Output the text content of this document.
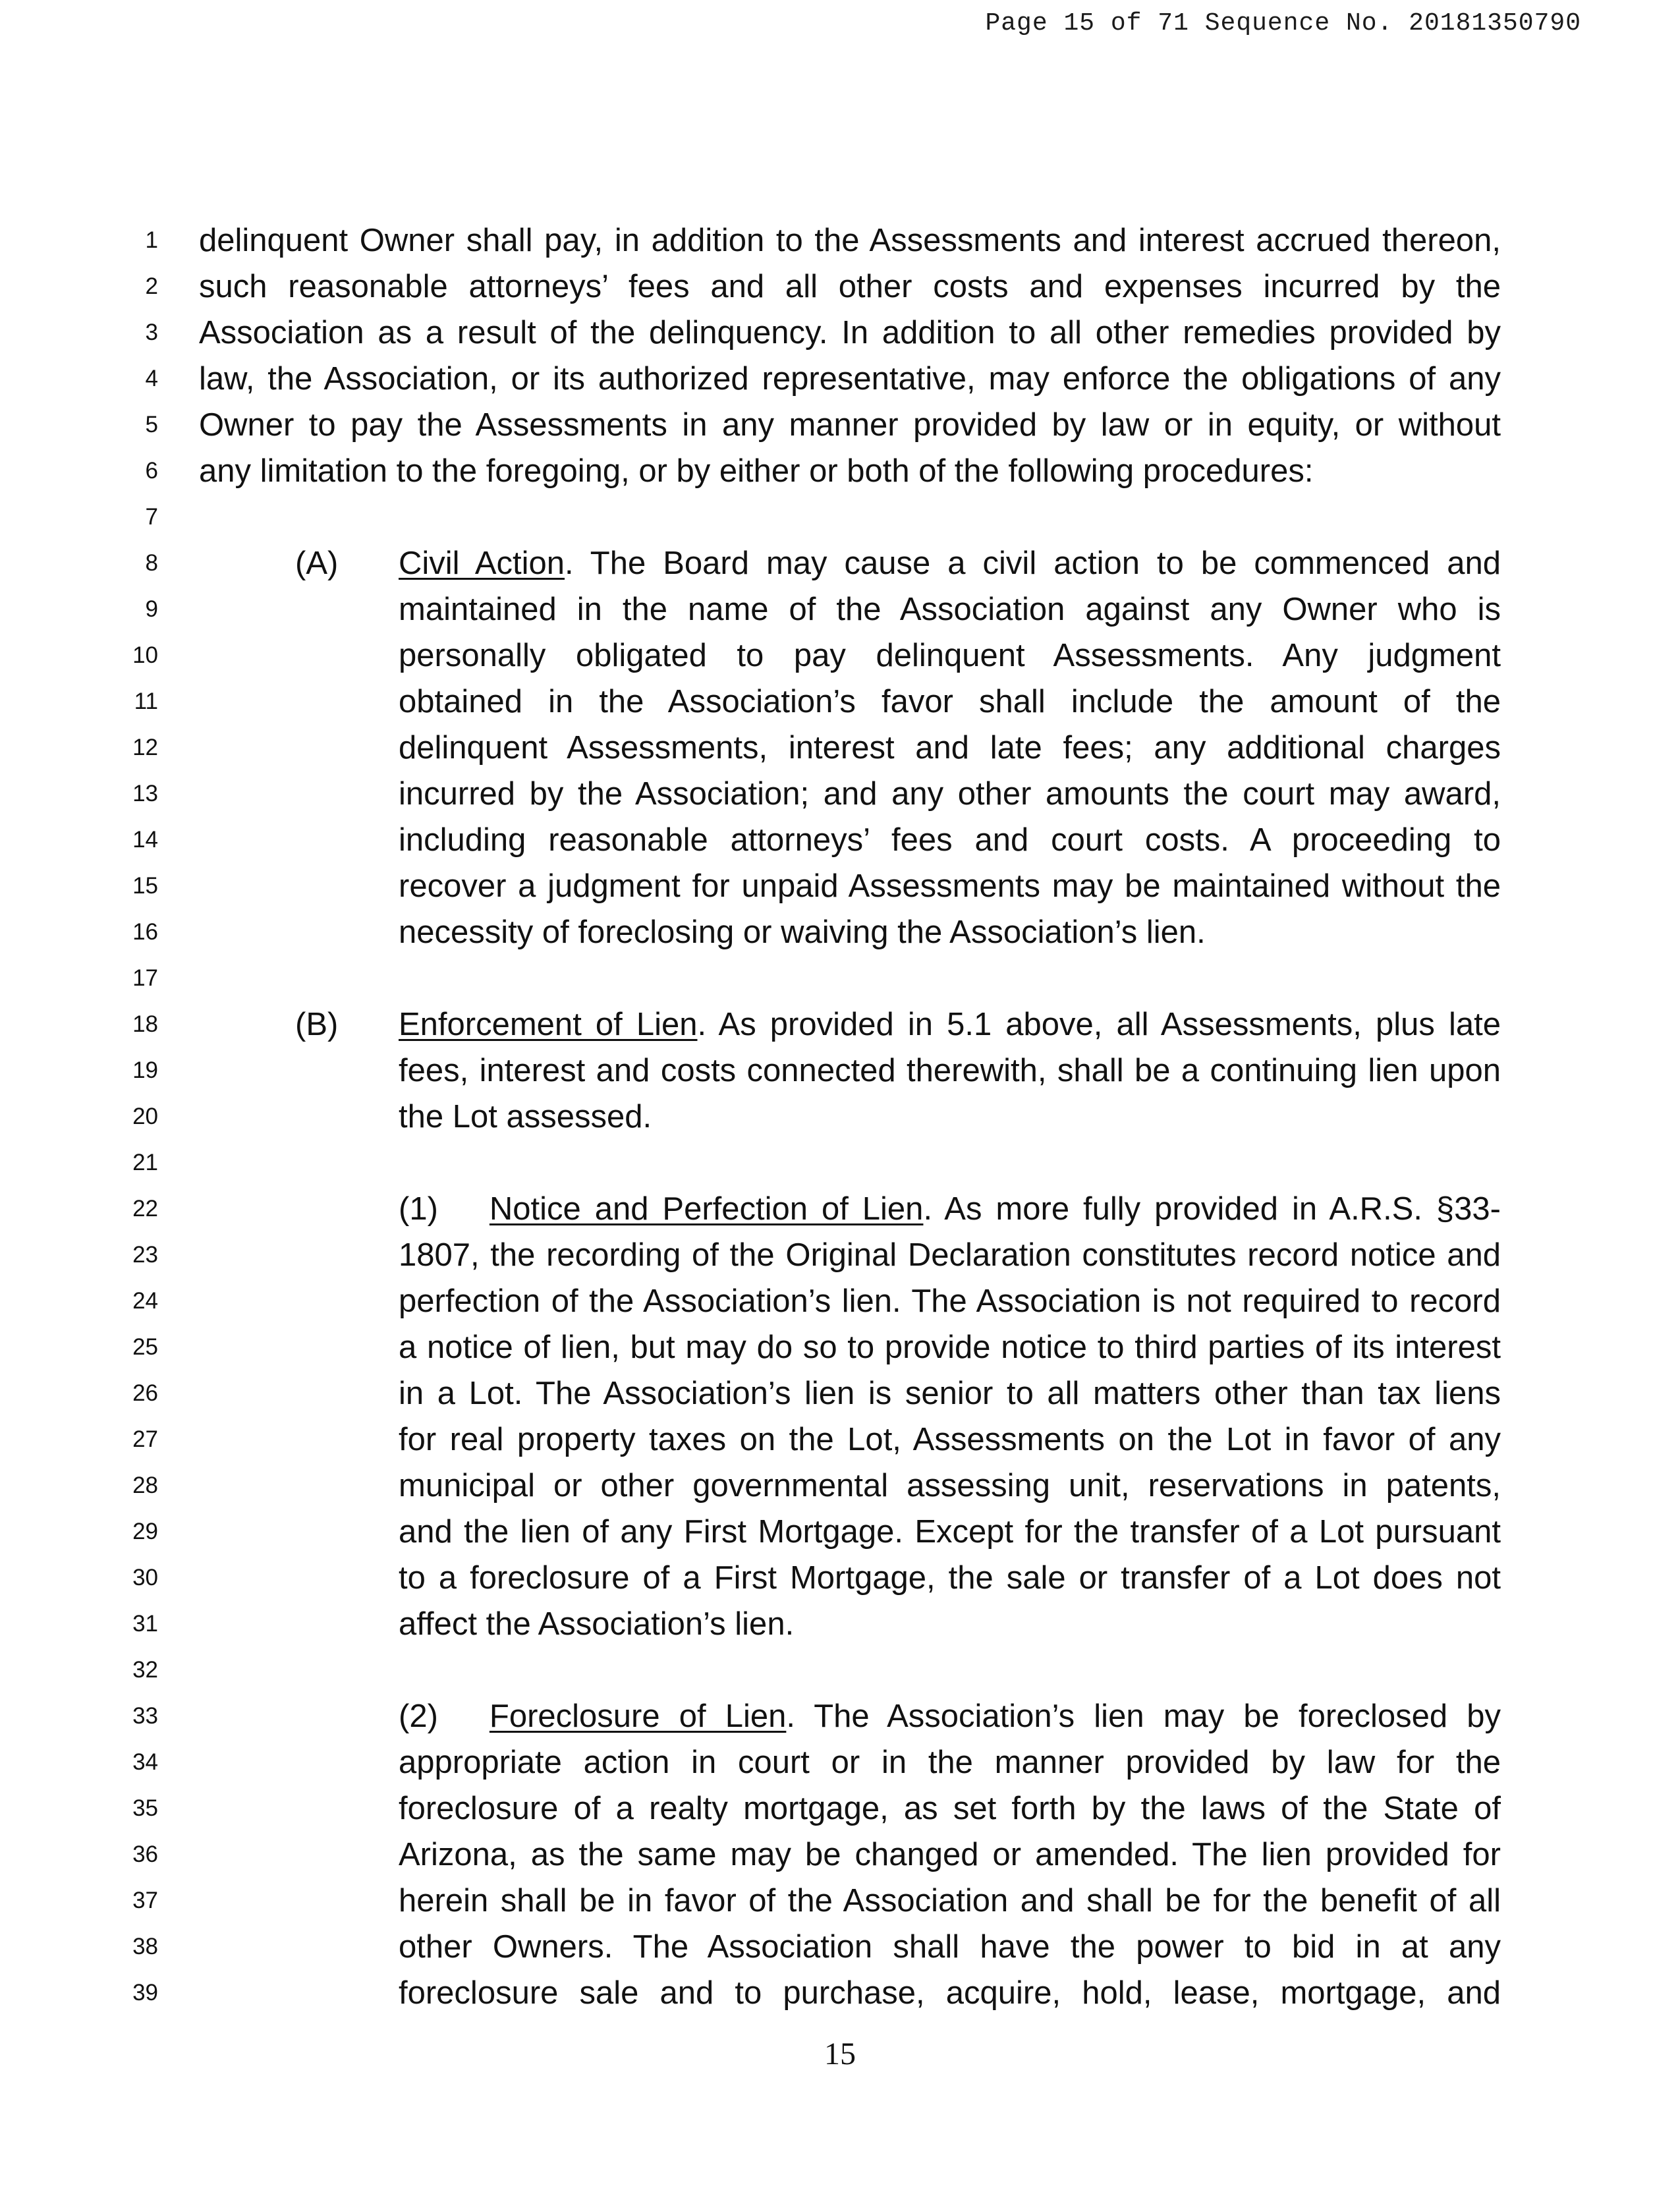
Page 15 of 71 Sequence No. 20181350790
1
2
3
4
5
6
7
8
9
10
11
12
13
14
15
16
17
18
19
20
21
22
23
24
25
26
27
28
29
30
31
32
33
34
35
36
37
38
39
delinquent Owner shall pay, in addition to the Assessments and interest accrued thereon,
such reasonable attorneys’ fees and all other costs and expenses incurred by the
Association as a result of the delinquency. In addition to all other remedies provided by
law, the Association, or its authorized representative, may enforce the obligations of any
Owner to pay the Assessments in any manner provided by law or in equity, or without
any limitation to the foregoing, or by either or both of the following procedures:
(A) Civil Action. The Board may cause a civil action to be commenced and
maintained in the name of the Association against any Owner who is
personally obligated to pay delinquent Assessments. Any judgment
obtained in the Association’s favor shall include the amount of the
delinquent Assessments, interest and late fees; any additional charges
incurred by the Association; and any other amounts the court may award,
including reasonable attorneys’ fees and court costs. A proceeding to
recover a judgment for unpaid Assessments may be maintained without the
necessity of foreclosing or waiving the Association’s lien.
(B) Enforcement of Lien. As provided in 5.1 above, all Assessments, plus late
fees, interest and costs connected therewith, shall be a continuing lien upon
the Lot assessed.
(1) Notice and Perfection of Lien. As more fully provided in A.R.S. §33-
1807, the recording of the Original Declaration constitutes record notice and
perfection of the Association’s lien. The Association is not required to record
a notice of lien, but may do so to provide notice to third parties of its interest
in a Lot. The Association’s lien is senior to all matters other than tax liens
for real property taxes on the Lot, Assessments on the Lot in favor of any
municipal or other governmental assessing unit, reservations in patents,
and the lien of any First Mortgage. Except for the transfer of a Lot pursuant
to a foreclosure of a First Mortgage, the sale or transfer of a Lot does not
affect the Association’s lien.
(2) Foreclosure of Lien. The Association’s lien may be foreclosed by
appropriate action in court or in the manner provided by law for the
foreclosure of a realty mortgage, as set forth by the laws of the State of
Arizona, as the same may be changed or amended. The lien provided for
herein shall be in favor of the Association and shall be for the benefit of all
other Owners. The Association shall have the power to bid in at any
foreclosure sale and to purchase, acquire, hold, lease, mortgage, and
15
